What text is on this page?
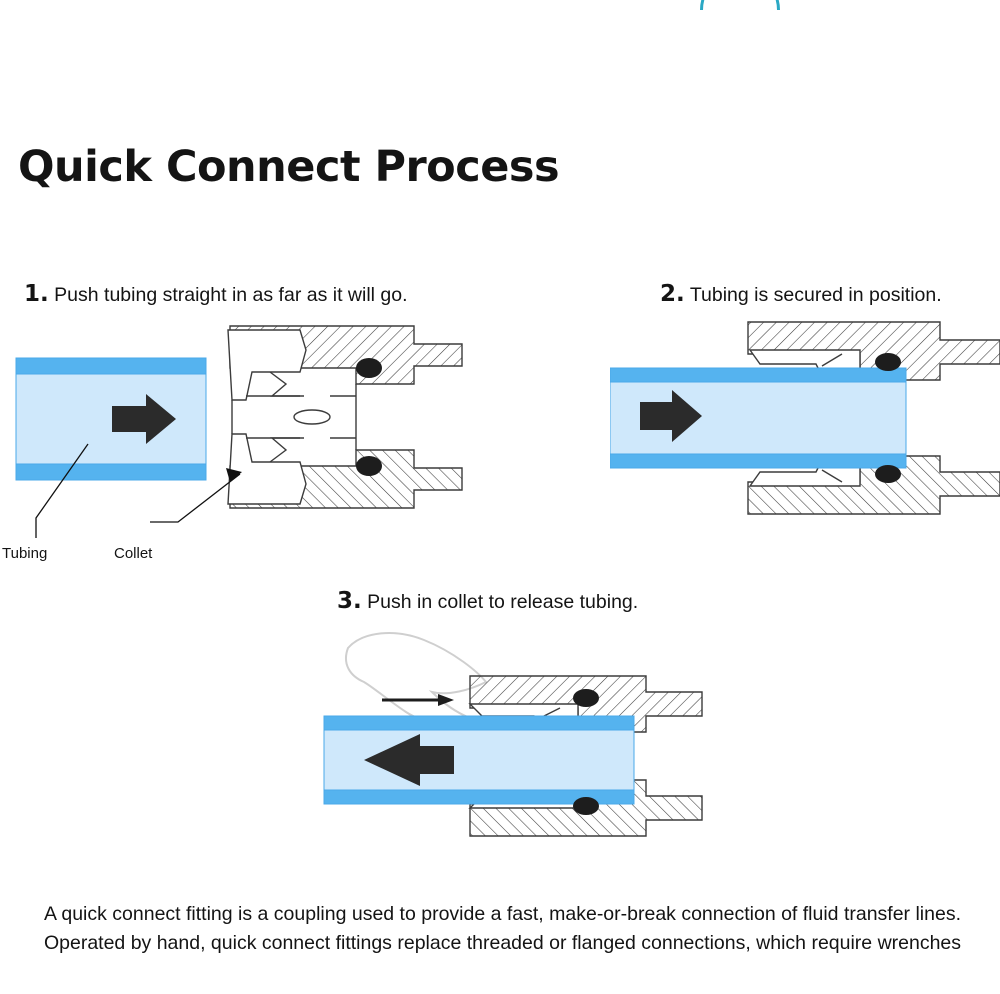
Quick Connect Process
1. Push tubing straight in as far as it will go.	2. Tubing is secured in position.
3. Push in collet to release tubing.
Tubing	Collet
A quick connect fitting is a coupling used to provide a fast, make-or-break connection of fluid transfer lines. Operated by hand, quick connect fittings replace threaded or flanged connections, which require wrenches
